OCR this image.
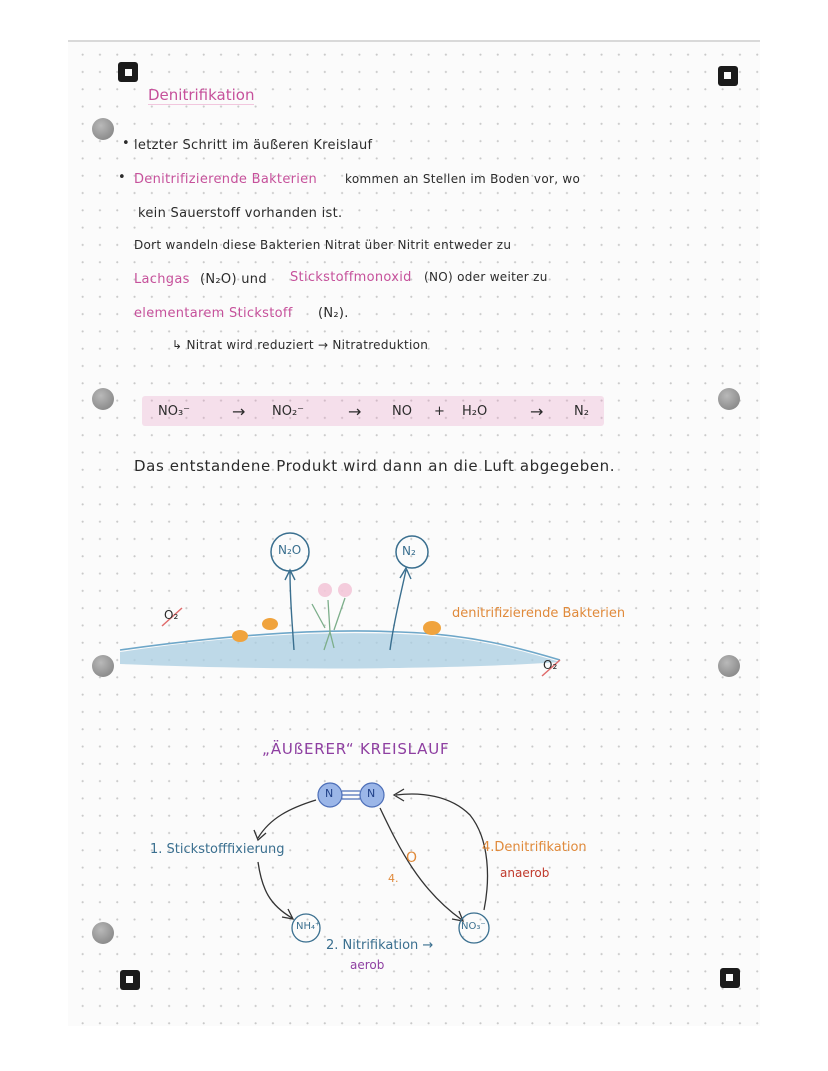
Denitrifikation
• letzter Schritt im äußeren Kreislauf
• Denitrifizierende Bakterien kommen an Stellen im Boden vor, wo
kein Sauerstoff vorhanden ist.
Dort wandeln diese Bakterien Nitrat über Nitrit entweder zu
Lachgas (N₂O) und Stickstoffmonoxid (NO) oder weiter zu
elementarem Stickstoff (N₂).
↳ Nitrat wird reduziert → Nitratreduktion
NO₃⁻	→ NO₂⁻	→ NO + H₂O	→ N₂
Das entstandene Produkt wird dann an die Luft abgegeben.
N₂O	N₂
O₂
O₂
denitrifizierende Bakterien
„ÄUßERER“ KREISLAUF
N	N
1. Stickstofffixierung
NH₄⁺
2. Nitrifikation →
aerob
NO₃⁻
4.Denitrifikation
anaerob
4.
O
